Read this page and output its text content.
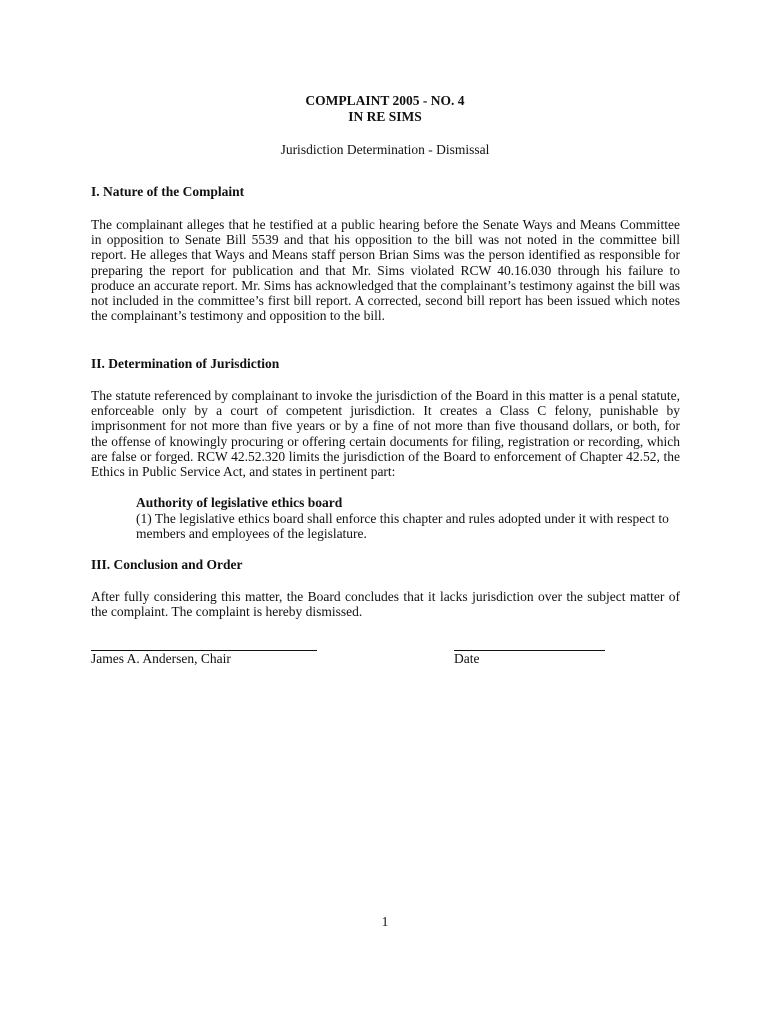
COMPLAINT 2005 - NO. 4
IN RE SIMS
Jurisdiction Determination - Dismissal
I. Nature of the Complaint

The complainant alleges that he testified at a public hearing before the Senate Ways and Means Committee in opposition to Senate Bill 5539 and that his opposition to the bill was not noted in the committee bill report. He alleges that Ways and Means staff person Brian Sims was the person identified as responsible for preparing the report for publication and that Mr. Sims violated RCW 40.16.030 through his failure to produce an accurate report. Mr. Sims has acknowledged that the complainant’s testimony against the bill was not included in the committee’s first bill report. A corrected, second bill report has been issued which notes the complainant’s testimony and opposition to the bill.

II. Determination of Jurisdiction

The statute referenced by complainant to invoke the jurisdiction of the Board in this matter is a penal statute, enforceable only by a court of competent jurisdiction. It creates a Class C felony, punishable by imprisonment for not more than five years or by a fine of not more than five thousand dollars, or both, for the offense of knowingly procuring or offering certain documents for filing, registration or recording, which are false or forged. RCW 42.52.320 limits the jurisdiction of the Board to enforcement of Chapter 42.52, the Ethics in Public Service Act, and states in pertinent part:

Authority of legislative ethics board
(1) The legislative ethics board shall enforce this chapter and rules adopted under it with respect to members and employees of the legislature.
III. Conclusion and Order

After fully considering this matter, the Board concludes that it lacks jurisdiction over the subject matter of the complaint. The complaint is hereby dismissed.

James A. Andersen, Chair	Date
1
